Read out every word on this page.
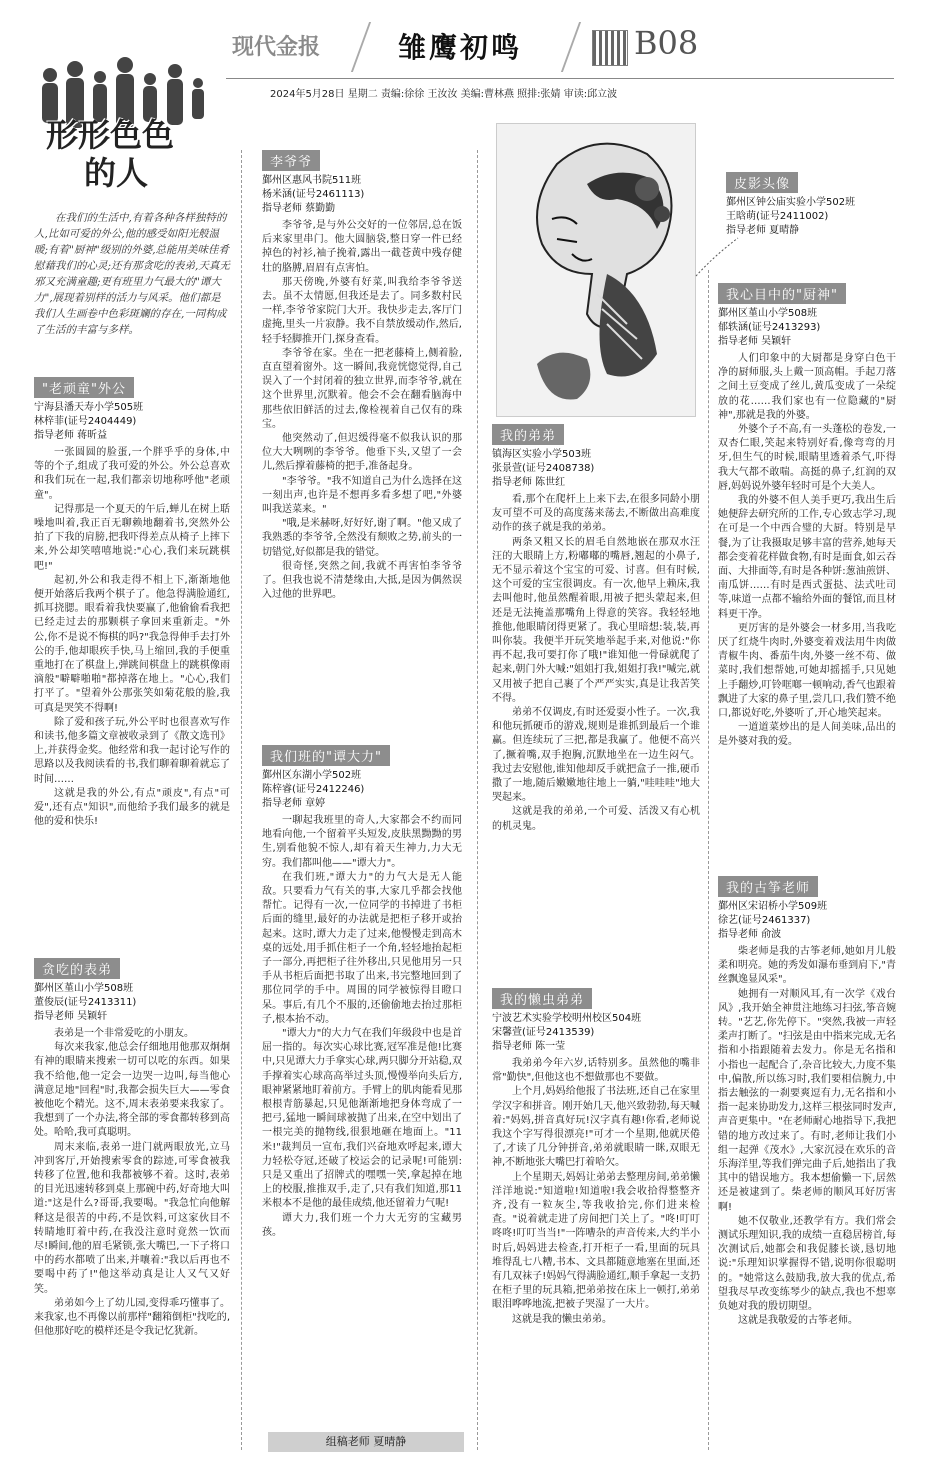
现代金报	雏鹰初鸣	B08
2024年5月28日 星期二 责编:徐徐 王汝汝 美编:曹林燕 照排:张婧 审读:邱立波
形形色色
的人
在我们的生活中,有着各种各样独特的人,比如可爱的外公,他的感受如阳光般温暖;有着"厨神"级别的外婆,总能用美味佳肴慰藉我们的心灵;还有那贪吃的表弟,天真无邪又充满童趣;更有班里力气最大的"谭大力",展现着别样的活力与风采。他们都是我们人生画卷中色彩斑斓的存在,一同构成了生活的丰富与多样。
"老顽童"外公
宁海县潘天寿小学505班
林梓菲(证号2404449)
指导老师 蒋昕益

一张圆圆的脸蛋,一个胖乎乎的身体,中等的个子,组成了我可爱的外公。外公总喜欢和我们玩在一起,我们都亲切地称呼他"老顽童"。

记得那是一个夏天的午后,蝉儿在树上聒噪地叫着,我正百无聊赖地翻着书,突然外公拍了下我的肩膀,把我吓得差点从椅子上摔下来,外公却笑嘻嘻地说:"心心,我们来玩跳棋吧!"

起初,外公和我走得不相上下,渐渐地他便开始落后我两个棋子了。他急得满脸通红,抓耳挠腮。眼看着我快要赢了,他偷偷看我把已经走过去的那颗棋子拿回来重新走。"外公,你不是说不悔棋的吗?"我急得伸手去打外公的手,他却眼疾手快,马上缩回,我的手便重重地打在了棋盘上,弹跳间棋盘上的跳棋像雨滴般"噼噼啪啪"都掉落在地上。"心心,我们打平了。"望着外公那张笑如菊花般的脸,我可真是哭笑不得啊!

除了爱和孩子玩,外公平时也很喜欢写作和读书,他多篇文章被收录到了《散文选刊》上,并获得金奖。他经常和我一起讨论写作的思路以及我阅读看的书,我们聊着聊着就忘了时间……

这就是我的外公,有点"顽皮",有点"可爱",还有点"知识",而他给予我们最多的就是他的爱和快乐!

贪吃的表弟
鄞州区堇山小学508班
董俊辰(证号2413311)
指导老师 吴颖轩

表弟是一个非常爱吃的小朋友。

每次来我家,他总会仔细地用他那双炯炯有神的眼睛来搜索一切可以吃的东西。如果我不给他,他一定会一边哭一边叫,每当他心满意足地"回程"时,我都会损失巨大——零食被他吃个精光。这不,周末表弟要来我家了。我想到了一个办法,将全部的零食都转移到高处。哈哈,我可真聪明。

周末来临,表弟一进门就两眼放光,立马冲到客厅,开始搜索零食的踪迹,可零食被我转移了位置,他和我都被够不着。这时,表弟的目光迅速转移到桌上那碗中药,好奇地大叫道:"这是什么?哥哥,我要喝。"我急忙向他解释这是很苦的中药,不是饮料,可这家伙目不转睛地盯着中药,在我没注意时竟然一饮而尽!瞬间,他的眉毛紧锁,张大嘴巴,一下子将口中的药水都喷了出来,并嚷着:"我以后再也不要喝中药了!"他这举动真是让人又气又好笑。

弟弟如今上了幼儿园,变得乖巧懂事了。来我家,也不再像以前那样"翻箱倒柜"找吃的,但他那好吃的模样还是令我记忆犹新。

李爷爷
鄞州区惠风书院511班
杨米涵(证号2461113)
指导老师 蔡勤勤

李爷爷,是与外公交好的一位邻居,总在饭后来家里串门。他大圆脑袋,整日穿一件已经掉色的衬衫,袖子挽着,露出一截苍黄中残存健壮的胳膊,眉眉有点害怕。

那天傍晚,外婆有好菜,叫我给李爷爷送去。虽不太情愿,但我还是去了。同多数村民一样,李爷爷家院门大开。我快步走去,客厅门虚掩,里头一片寂静。我不自禁放缓动作,然后,轻手轻脚推开门,探身查看。

李爷爷在家。坐在一把老藤椅上,侧着脸,直直望着窗外。这一瞬间,我竟恍惚觉得,自己误入了一个封闭着的独立世界,而李爷爷,就在这个世界里,沉默着。他会不会在翻看脑海中那些依旧鲜活的过去,像检视着自己仅有的珠宝。

他突然动了,但迟缓得毫不似我认识的那位大大咧咧的李爷爷。他垂下头,又望了一会儿,然后撑着藤椅的把手,准备起身。

"李爷爷。"我不知道自己为什么选择在这一刻出声,也许是不想再多看多想了吧,"外婆叫我送菜来。"

"哦,是米赫呀,好好好,谢了啊。"他又成了我熟悉的李爷爷,全然没有颓败之势,前头的一切错觉,好似都是我的错觉。

很奇怪,突然之间,我就不再害怕李爷爷了。但我也说不清楚缘由,大抵,是因为偶然误入过他的世界吧。

我们班的"谭大力"
鄞州区东湖小学502班
陈梓睿(证号2412246)
指导老师 章婷

一聊起我班里的奇人,大家都会不约而同地看向他,一个留着平头短发,皮肤黑黝黝的男生,别看他貌不惊人,却有着天生神力,力大无穷。我们都叫他——"谭大力"。

在我们班,"谭大力"的力气大是无人能敌。只要看力气有关的事,大家几乎都会找他帮忙。记得有一次,一位同学的书掉进了书柜后面的缝里,最好的办法就是把柜子移开或抬起来。这时,谭大力走了过来,他慢慢走到高木桌的远处,用手抓住柜子一个角,轻轻地抬起柜子一部分,再把柜子往外移出,只见他用另一只手从书柜后面把书取了出来,书完整地回到了那位同学的手中。周围的同学被惊得目瞪口呆。事后,有几个不服的,还偷偷地去抬过那柜子,根本抬不动。

"谭大力"的大力气在我们年级段中也是首屈一指的。每次实心球比赛,冠军准是他!比赛中,只见谭大力手拿实心球,两只脚分开站稳,双手撑着实心球高高举过头顶,慢慢举向头后方,眼神紧紧地盯着前方。手臂上的肌肉能看见那根根青筋暴起,只见他渐渐地把身体弯成了一把弓,猛地一瞬间球被抛了出来,在空中划出了一根完美的抛物线,很狠地砸在地面上。"11米!"裁判员一宣布,我们兴奋地欢呼起来,谭大力轻松夺冠,还破了校运会的记录呢!可能别:只是又重出了招牌式的嘿嘿一笑,拿起掉在地上的校服,推推双手,走了,只有我们知道,那11米根本不是他的最佳成绩,他还留着力气呢!

谭大力,我们班一个力大无穷的宝藏男孩。

组稿老师 夏晴静
我的弟弟
镇海区实验小学503班
张景萱(证号2408738)
指导老师 陈世红

看,那个在爬杆上上来下去,在很多同龄小朋友可望不可及的高度荡来荡去,不断做出高难度动作的孩子就是我的弟弟。

两条又粗又长的眉毛自然地嵌在那双水汪汪的大眼睛上方,粉嘟嘟的嘴唇,翘起的小鼻子,无不显示着这个宝宝的可爱、讨喜。但有时候,这个可爱的宝宝很调皮。有一次,他早上赖床,我去叫他时,他虽然醒着眼,用被子把头蒙起来,但还是无法掩盖那嘴角上得意的笑容。我轻轻地推他,他眼睛闭得更紧了。我心里暗想:装,装,再叫你装。我便半开玩笑地举起手来,对他说:"你再不起,我可要打你了哦!"谁知他一骨碌就爬了起来,朝门外大喊:"姐姐打我,姐姐打我!"喊完,就又用被子把自己裹了个严严实实,真是让我苦笑不得。

弟弟不仅调皮,有时还爱耍小性子。一次,我和他玩抓硬币的游戏,规则是谁抓到最后一个谁赢。但连续玩了三把,都是我赢了。他便不高兴了,撅着嘴,双手抱胸,沉默地坐在一边生闷气。我过去安慰他,谁知他却反手就把盒子一推,硬币撒了一地,随后嫩嫩地往地上一躺,"哇哇哇"地大哭起来。

这就是我的弟弟,一个可爱、活泼又有心机的机灵鬼。

我的懒虫弟弟
宁波艺术实验学校明州校区504班
宋馨萱(证号2413539)
指导老师 陈一莹

我弟弟今年六岁,话特别多。虽然他的嘴非常"勤快",但他这也不想做那也不要做。

上个月,妈妈给他报了书法班,还自己在家里学汉字和拼音。刚开始几天,他兴致勃勃,每天喊着:"妈妈,拼音真好玩!汉字真有趣!你看,老师说我这个字写得很漂亮!"可才一个星期,他就厌倦了,才读了几分钟拼音,弟弟就眼睛一眯,双眼无神,不断地张大嘴巴打着哈欠。

上个星期天,妈妈让弟弟去整理房间,弟弟懒洋洋地说:"知道啦!知道啦!我会收拾得整整齐齐,没有一粒灰尘,等我收拾完,你们进来检查。"说着就走进了房间把门关上了。"咚!叮叮咚咚!叮叮当当!"一阵嘈杂的声音传来,大约半小时后,妈妈进去检查,打开柜子一看,里面的玩具堆得乱七八糟,书本、文具都随意地塞在里面,还有几双袜子!妈妈气得满脸通红,顺手拿起一支扔在柜子里的玩具箱,把弟弟按在床上一顿打,弟弟眼泪哗哗地流,把被子哭湿了一大片。

这就是我的懒虫弟弟。

皮影头像
鄞州区钟公庙实验小学502班
王晗萌(证号2411002)
指导老师 夏晴静
我心目中的"厨神"
鄞州区堇山小学508班
郁轶涵(证号2413293)
指导老师 吴颖轩

人们印象中的大厨都是身穿白色干净的厨师服,头上戴一顶高帽。手起刀落之间土豆变成了丝儿,黄瓜变成了一朵绽放的花……我们家也有一位隐藏的"厨神",那就是我的外婆。

外婆个子不高,有一头蓬松的卷发,一双杏仁眼,笑起来特别好看,像弯弯的月牙,但生气的时候,眼睛里透着杀气,吓得我大气都不敢喘。高挺的鼻子,红润的双唇,妈妈说外婆年轻时可是个大美人。

我的外婆不但人美手更巧,我出生后她便辞去研究所的工作,专心致志学习,现在可是一个中西合璧的大厨。特别是早餐,为了让我摄取足够丰富的营养,她每天都会变着花样做食物,有时是面食,如云吞面、大排面等,有时是各种饼:葱油煎饼、南瓜饼……有时是西式蛋挞、法式吐司等,味道一点都不输给外面的餐馆,而且材料更干净。

更厉害的是外婆会一材多用,当我吃厌了红烧牛肉时,外婆变着戏法用牛肉做青椒牛肉、番茄牛肉,外婆一丝不苟、做菜时,我们想帮她,可她却摇摇手,只见她上手翻炒,叮铃哐啷一顿响动,香气也跟着飘进了大家的鼻子里,尝几口,我们赞不绝口,都说好吃,外婆听了,开心地笑起来。

一道道菜炒出的是人间美味,品出的是外婆对我的爱。

我的古筝老师
鄞州区宋诏桥小学509班
徐艺(证号2461337)
指导老师 俞波

柴老师是我的古筝老师,她如月儿般柔和明亮。她的秀发如瀑布垂到肩下,"青丝飘逸显风采"。

她拥有一对顺风耳,有一次学《戏台风》,我开始全神贯注地练习扫弦,筝音婉转。"艺艺,你先停下。"突然,我被一声轻柔声打断了。"扫弦是由中指来完成,无名指和小指跟随着去发力。你是无名指和小指也一起配合了,杂音比较大,力度不集中,偏散,所以练习时,我们要相信腕力,中指去触弦的一刹要爽逗有力,无名指和小指一起来协助发力,这样三根弦同时发声,声音更集中。"在老师耐心地指导下,我把错的地方改过来了。有时,老师让我们小组一起弹《茂水》,大家沉浸在欢乐的音乐海洋里,等我们弹完曲子后,她指出了我其中的错误地方。我本想偷懒一下,居然还是被逮到了。柴老师的顺风耳好厉害啊!

她不仅敬业,还教学有方。我们常会测试乐理知识,我的成绩一直稳居榜首,每次测试后,她都会和我促膝长谈,恳切地说:"乐理知识掌握得不错,说明你很聪明的。"她常这么鼓励我,放大我的优点,希望我尽早改变练琴少的缺点,我也不想辜负她对我的殷切期望。

这就是我敬爱的古筝老师。
